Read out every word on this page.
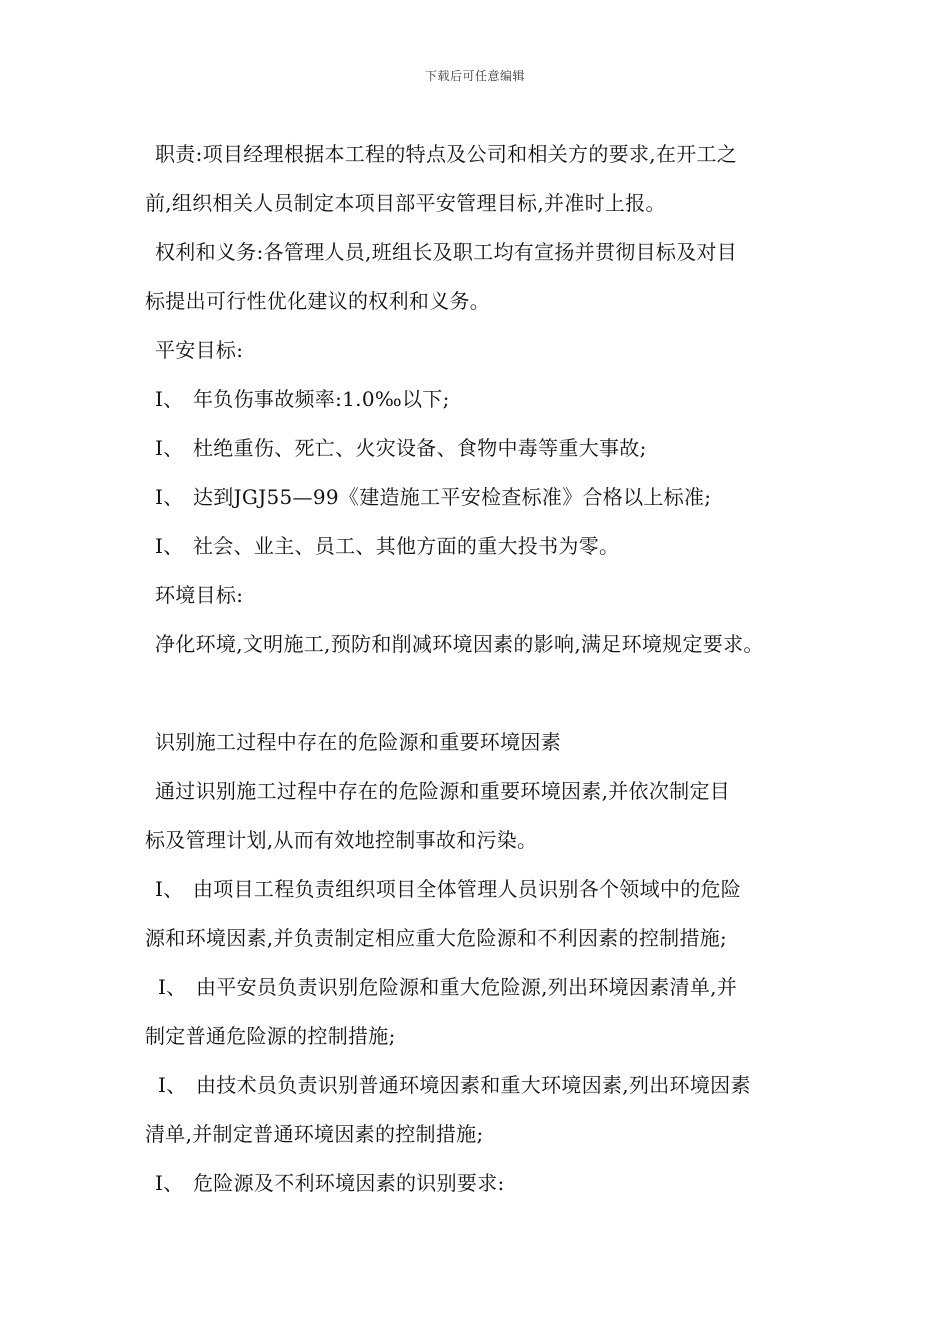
下载后可任意编辑
职责:项目经理根据本工程的特点及公司和相关方的要求,在开工之
前,组织相关人员制定本项目部平安管理目标,并准时上报。
权利和义务:各管理人员,班组长及职工均有宣扬并贯彻目标及对目
标提出可行性优化建议的权利和义务。
平安目标:
I、 年负伤事故频率:1.0‰以下;
I、 杜绝重伤、死亡、火灾设备、食物中毒等重大事故;
I、 达到JGJ55—99《建造施工平安检查标准》合格以上标准;
I、 社会、业主、员工、其他方面的重大投书为零。
环境目标:
净化环境,文明施工,预防和削减环境因素的影响,满足环境规定要求。
识别施工过程中存在的危险源和重要环境因素
通过识别施工过程中存在的危险源和重要环境因素,并依次制定目
标及管理计划,从而有效地控制事故和污染。
I、 由项目工程负责组织项目全体管理人员识别各个领域中的危险
源和环境因素,并负责制定相应重大危险源和不利因素的控制措施;
I、 由平安员负责识别危险源和重大危险源,列出环境因素清单,并
制定普通危险源的控制措施;
I、 由技术员负责识别普通环境因素和重大环境因素,列出环境因素
清单,并制定普通环境因素的控制措施;
I、 危险源及不利环境因素的识别要求:
